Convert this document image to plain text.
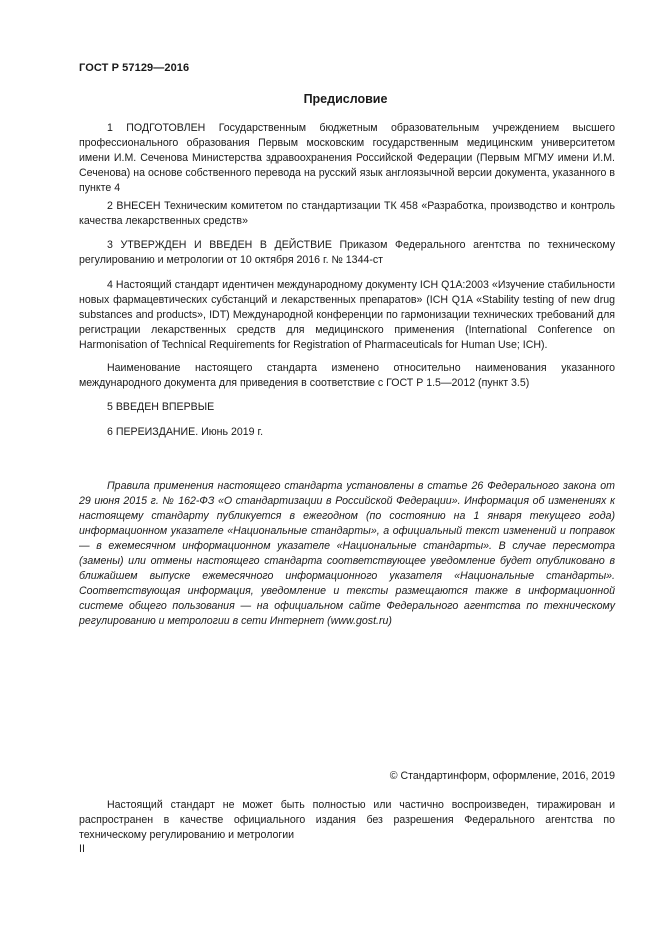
ГОСТ Р 57129—2016
Предисловие

1 ПОДГОТОВЛЕН Государственным бюджетным образовательным учреждением высшего профессионального образования Первым московским государственным медицинским университетом имени И.М. Сеченова Министерства здравоохранения Российской Федерации (Первым МГМУ имени И.М. Сеченова) на основе собственного перевода на русский язык англоязычной версии документа, указанного в пункте 4

2 ВНЕСЕН Техническим комитетом по стандартизации ТК 458 «Разработка, производство и контроль качества лекарственных средств»

3 УТВЕРЖДЕН И ВВЕДЕН В ДЕЙСТВИЕ Приказом Федерального агентства по техническому регулированию и метрологии от 10 октября 2016 г. № 1344-ст

4 Настоящий стандарт идентичен международному документу ICH Q1A:2003 «Изучение стабильности новых фармацевтических субстанций и лекарственных препаратов» (ICH Q1A «Stability testing of new drug substances and products», IDT) Международной конференции по гармонизации технических требований для регистрации лекарственных средств для медицинского применения (International Conference on Harmonisation of Technical Requirements for Registration of Pharmaceuticals for Human Use; ICH).

Наименование настоящего стандарта изменено относительно наименования указанного международного документа для приведения в соответствие с ГОСТ Р 1.5—2012 (пункт 3.5)

5 ВВЕДЕН ВПЕРВЫЕ

6 ПЕРЕИЗДАНИЕ. Июнь 2019 г.

Правила применения настоящего стандарта установлены в статье 26 Федерального закона от 29 июня 2015 г. № 162-ФЗ «О стандартизации в Российской Федерации». Информация об изменениях к настоящему стандарту публикуется в ежегодном (по состоянию на 1 января текущего года) информационном указателе «Национальные стандарты», а официальный текст изменений и поправок — в ежемесячном информационном указателе «Национальные стандарты». В случае пересмотра (замены) или отмены настоящего стандарта соответствующее уведомление будет опубликовано в ближайшем выпуске ежемесячного информационного указателя «Национальные стандарты». Соответствующая информация, уведомление и тексты размещаются также в информационной системе общего пользования — на официальном сайте Федерального агентства по техническому регулированию и метрологии в сети Интернет (www.gost.ru)

© Стандартинформ, оформление, 2016, 2019

Настоящий стандарт не может быть полностью или частично воспроизведен, тиражирован и распространен в качестве официального издания без разрешения Федерального агентства по техническому регулированию и метрологии

II
